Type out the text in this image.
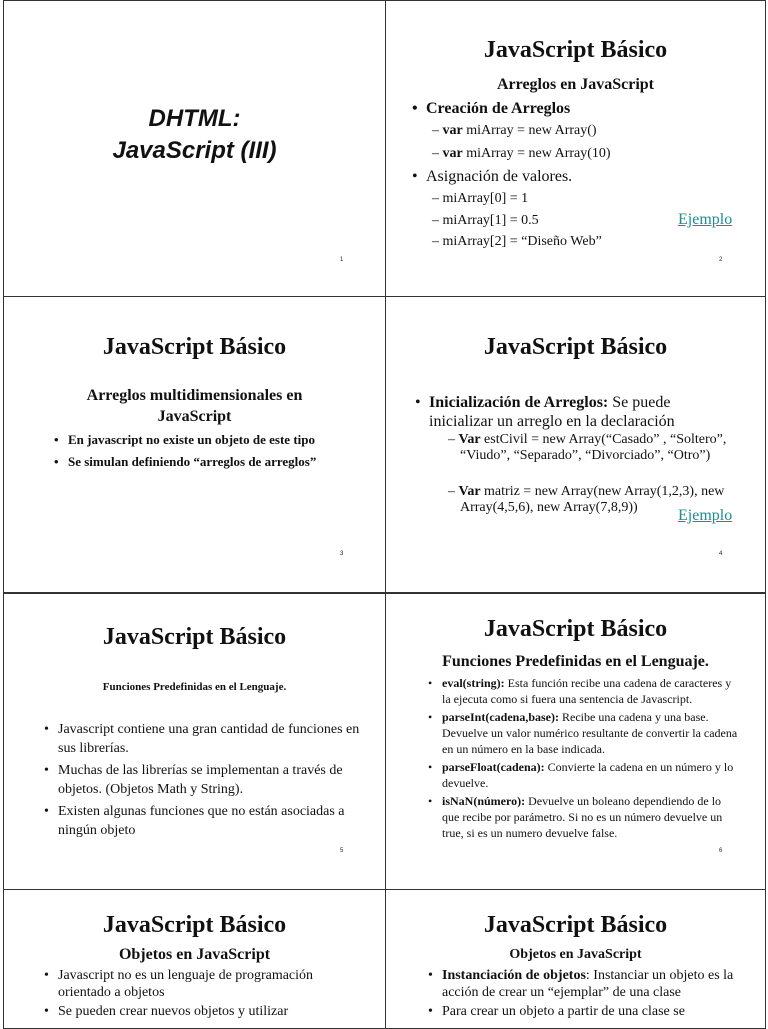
DHTML:
JavaScript (III)
1
JavaScript Básico
Arreglos en JavaScript
• Creación de Arreglos
– var miArray = new Array()
– var miArray = new Array(10)
• Asignación de valores.
– miArray[0] = 1
– miArray[1] = 0.5
– miArray[2] = “Diseño Web”
Ejemplo
2
JavaScript Básico
Arreglos multidimensionales en
JavaScript
• En javascript no existe un objeto de este tipo
• Se simulan definiendo “arreglos de arreglos”
3
JavaScript Básico
• Inicialización de Arreglos: Se puede inicializar un arreglo en la declaración
– Var estCivil = new Array(“Casado” , “Soltero”, “Viudo”, “Separado”, “Divorciado”, “Otro”)
– Var matriz = new Array(new Array(1,2,3), new Array(4,5,6), new Array(7,8,9))	Ejemplo
4
JavaScript Básico
Funciones Predefinidas en el Lenguaje.
• Javascript contiene una gran cantidad de funciones en sus librerías.
• Muchas de las librerías se implementan a través de objetos. (Objetos Math y String).
• Existen algunas funciones que no están asociadas a ningún objeto
5
JavaScript Básico
Funciones Predefinidas en el Lenguaje.
• eval(string): Esta función recibe una cadena de caracteres y la ejecuta como si fuera una sentencia de Javascript.
• parseInt(cadena,base): Recibe una cadena y una base. Devuelve un valor numérico resultante de convertir la cadena en un número en la base indicada.
• parseFloat(cadena): Convierte la cadena en un número y lo devuelve.
• isNaN(número): Devuelve un boleano dependiendo de lo que recibe por parámetro. Si no es un número devuelve un true, si es un numero devuelve false.
6
JavaScript Básico
Objetos en JavaScript
• Javascript no es un lenguaje de programación orientado a objetos
• Se pueden crear nuevos objetos y utilizar
JavaScript Básico
Objetos en JavaScript
• Instanciación de objetos: Instanciar un objeto es la acción de crear un “ejemplar” de una clase
• Para crear un objeto a partir de una clase se
